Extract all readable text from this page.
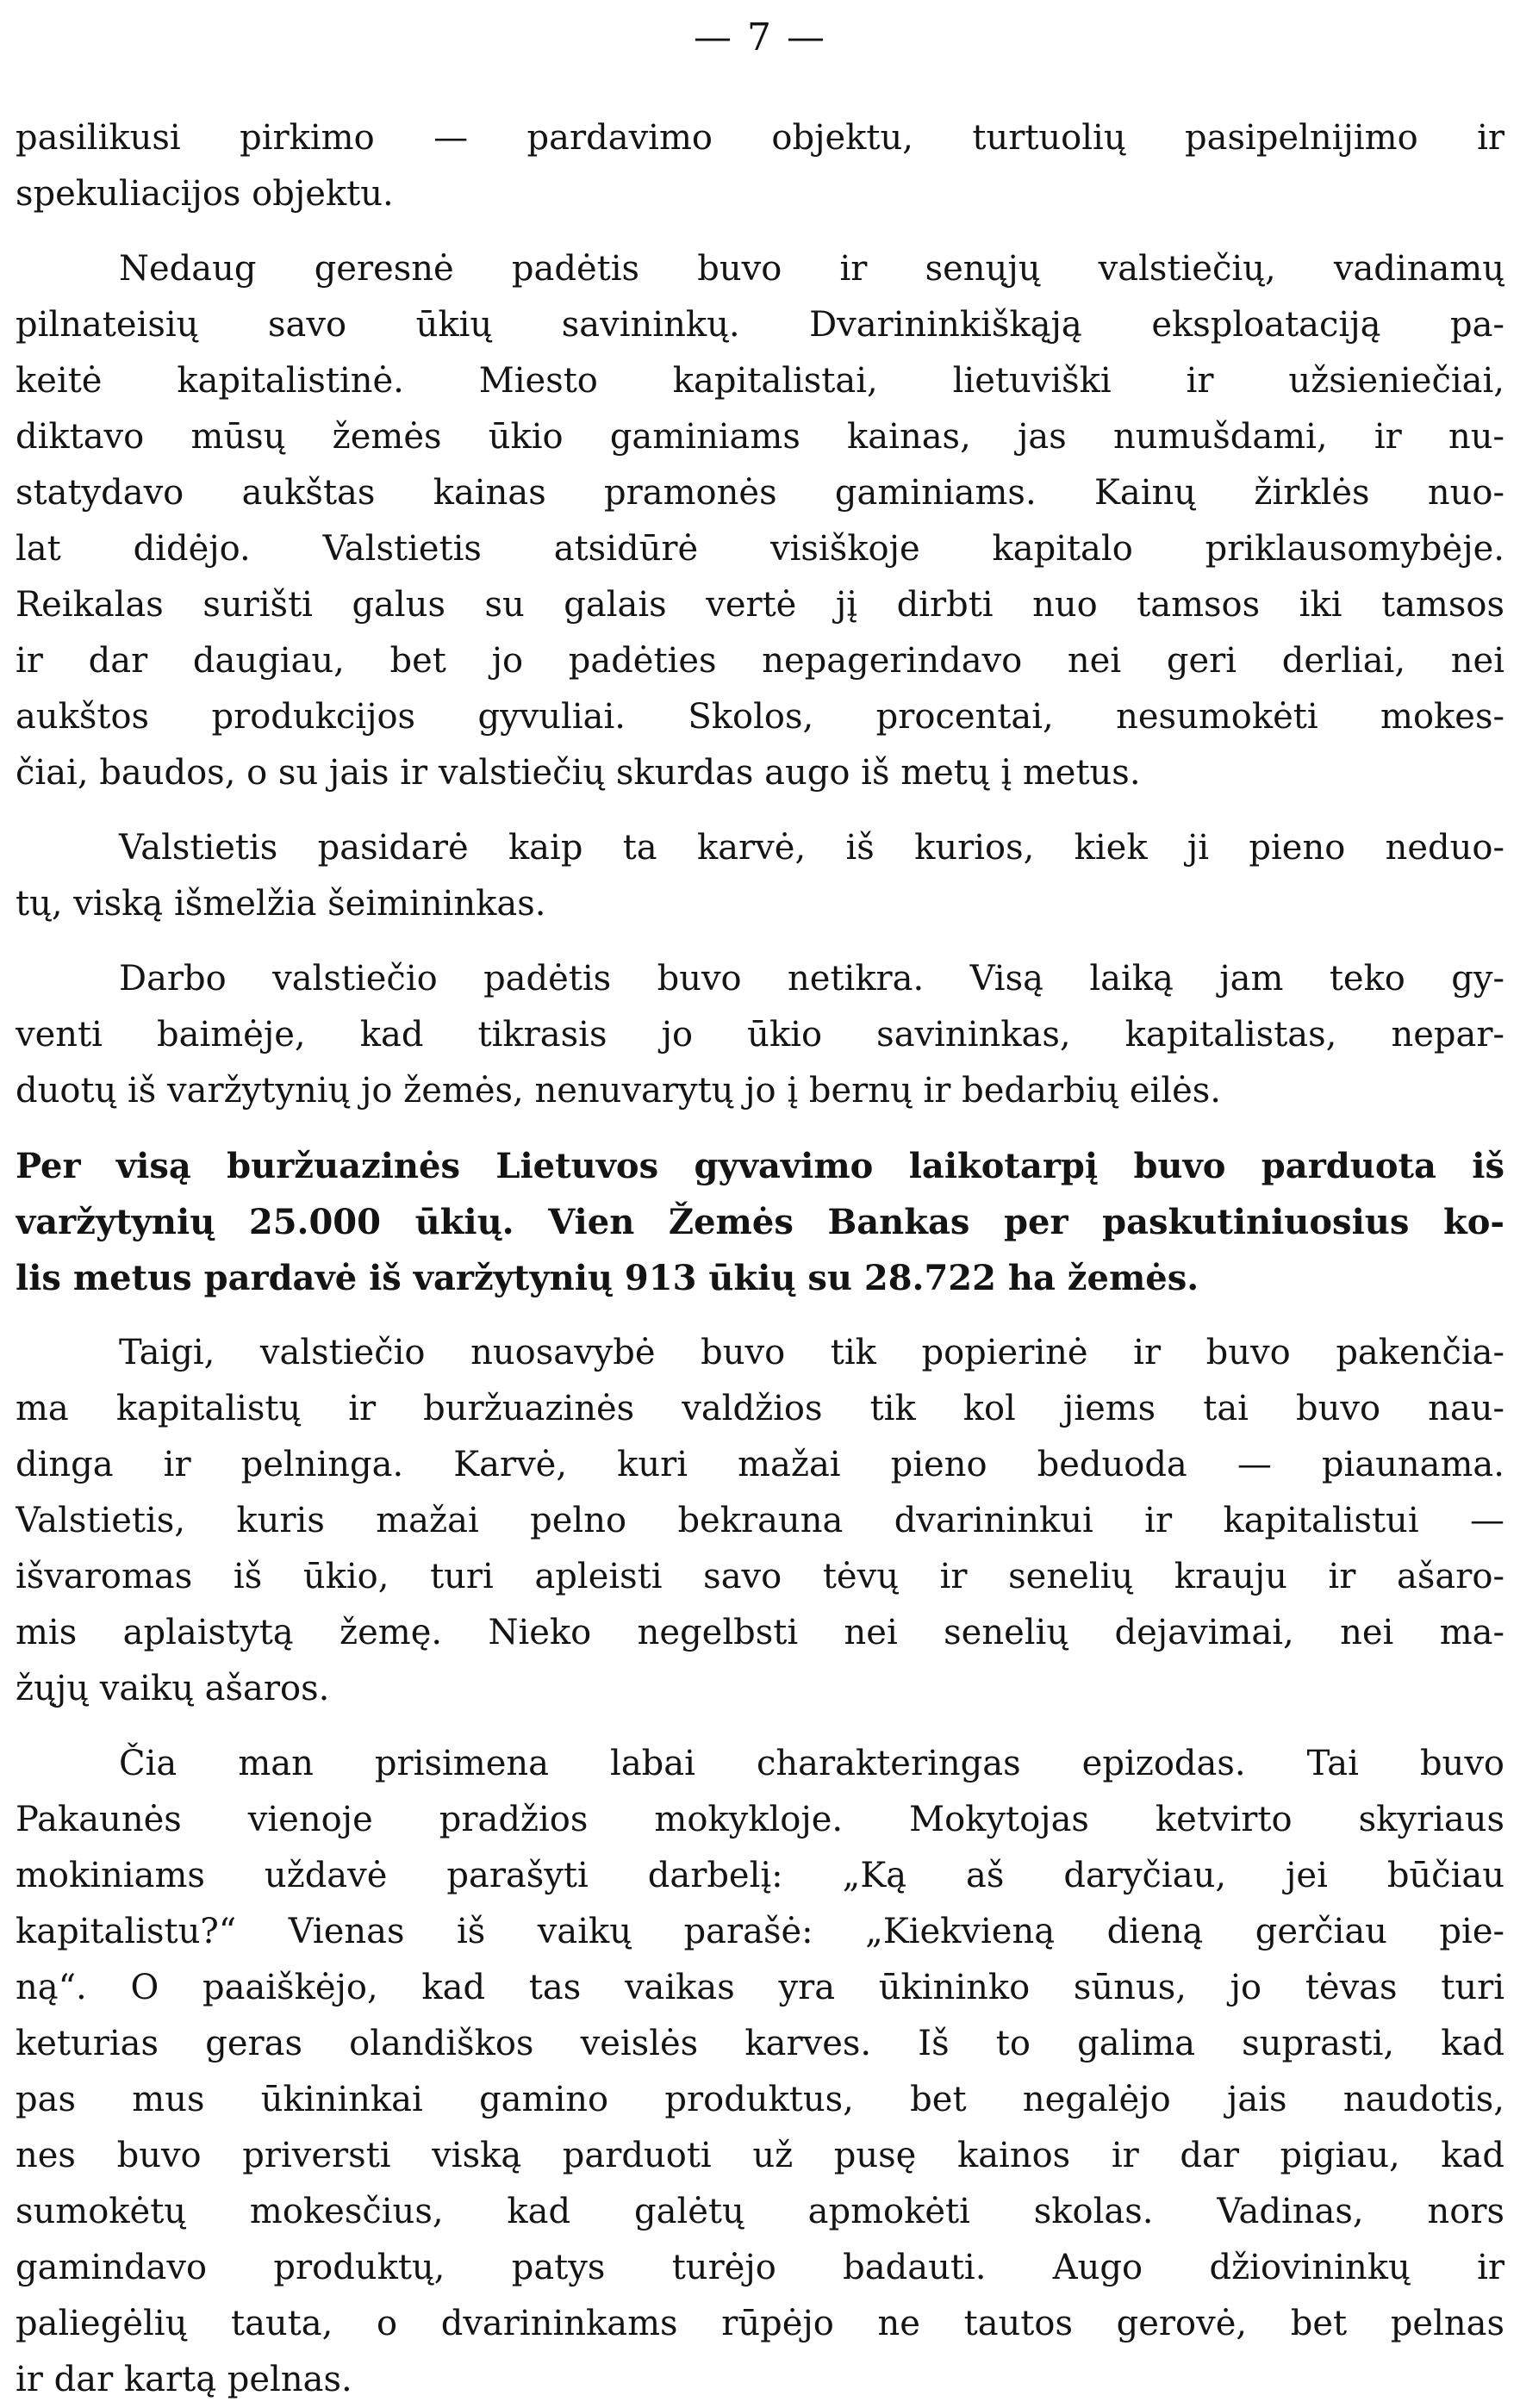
— 7 —
pasilikusi pirkimo — pardavimo objektu, turtuolių pasipelnijimo ir
spekuliacijos objektu.
Nedaug geresnė padėtis buvo ir senųjų valstiečių, vadinamų
pilnateisių savo ūkių savininkų. Dvarininkiškąją eksploataciją pa-
keitė kapitalistinė. Miesto kapitalistai, lietuviški ir užsieniečiai,
diktavo mūsų žemės ūkio gaminiams kainas, jas numušdami, ir nu-
statydavo aukštas kainas pramonės gaminiams. Kainų žirklės nuo-
lat didėjo. Valstietis atsidūrė visiškoje kapitalo priklausomybėje.
Reikalas surišti galus su galais vertė jį dirbti nuo tamsos iki tamsos
ir dar daugiau, bet jo padėties nepagerindavo nei geri derliai, nei
aukštos produkcijos gyvuliai. Skolos, procentai, nesumokėti mokes-
čiai, baudos, o su jais ir valstiečių skurdas augo iš metų į metus.
Valstietis pasidarė kaip ta karvė, iš kurios, kiek ji pieno neduo-
tų, viską išmelžia šeimininkas.
Darbo valstiečio padėtis buvo netikra. Visą laiką jam teko gy-
venti baimėje, kad tikrasis jo ūkio savininkas, kapitalistas, nepar-
duotų iš varžytynių jo žemės, nenuvarytų jo į bernų ir bedarbių eilės.
Per visą buržuazinės Lietuvos gyvavimo laikotarpį buvo parduota iš
varžytynių 25.000 ūkių. Vien Žemės Bankas per paskutiniuosius ko-
lis metus pardavė iš varžytynių 913 ūkių su 28.722 ha žemės.
Taigi, valstiečio nuosavybė buvo tik popierinė ir buvo pakenčia-
ma kapitalistų ir buržuazinės valdžios tik kol jiems tai buvo nau-
dinga ir pelninga. Karvė, kuri mažai pieno beduoda — piaunama.
Valstietis, kuris mažai pelno bekrauna dvarininkui ir kapitalistui —
išvaromas iš ūkio, turi apleisti savo tėvų ir senelių krauju ir ašaro-
mis aplaistytą žemę. Nieko negelbsti nei senelių dejavimai, nei ma-
žųjų vaikų ašaros.
Čia man prisimena labai charakteringas epizodas. Tai buvo
Pakaunės vienoje pradžios mokykloje. Mokytojas ketvirto skyriaus
mokiniams uždavė parašyti darbelį: „Ką aš daryčiau, jei būčiau
kapitalistu?“ Vienas iš vaikų parašė: „Kiekvieną dieną gerčiau pie-
ną“. O paaiškėjo, kad tas vaikas yra ūkininko sūnus, jo tėvas turi
keturias geras olandiškos veislės karves. Iš to galima suprasti, kad
pas mus ūkininkai gamino produktus, bet negalėjo jais naudotis,
nes buvo priversti viską parduoti už pusę kainos ir dar pigiau, kad
sumokėtų mokesčius, kad galėtų apmokėti skolas. Vadinas, nors
gamindavo produktų, patys turėjo badauti. Augo džiovininkų ir
paliegėlių tauta, o dvarininkams rūpėjo ne tautos gerovė, bet pelnas
ir dar kartą pelnas.
